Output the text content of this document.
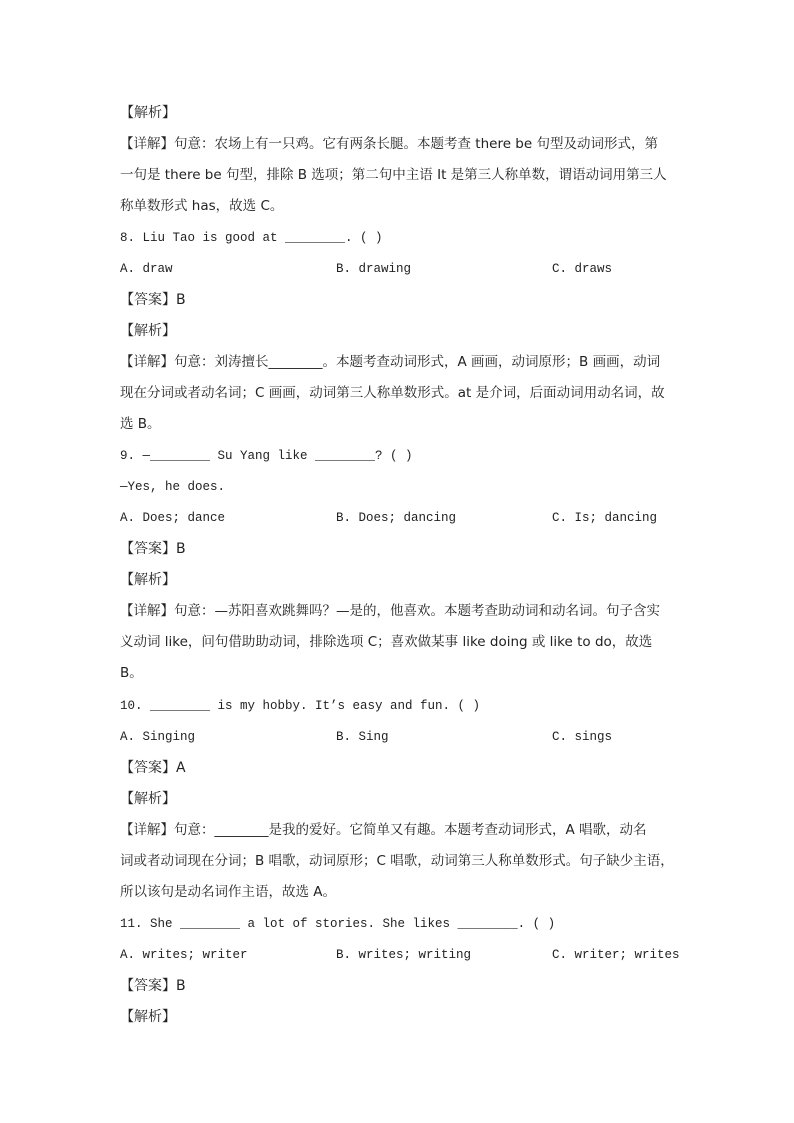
【解析】
【详解】句意：农场上有一只鸡。它有两条长腿。本题考查 there be 句型及动词形式，第
一句是 there be 句型，排除 B 选项；第二句中主语 It 是第三人称单数，谓语动词用第三人
称单数形式 has，故选 C。
8. Liu Tao is good at ________. ( )
A. draw	B. drawing	C. draws
【答案】B
【解析】
【详解】句意：刘涛擅长________。本题考查动词形式，A 画画，动词原形；B 画画，动词
现在分词或者动名词；C 画画，动词第三人称单数形式。at 是介词，后面动词用动名词，故
选 B。
9. —________ Su Yang like ________? ( )
—Yes, he does.
A. Does; dance	B. Does; dancing	C. Is; dancing
【答案】B
【解析】
【详解】句意：—苏阳喜欢跳舞吗？—是的，他喜欢。本题考查助动词和动名词。句子含实
义动词 like，问句借助助动词，排除选项 C；喜欢做某事 like doing 或 like to do，故选
B。
10. ________ is my hobby. It’s easy and fun. ( )
A. Singing	B. Sing	C. sings
【答案】A
【解析】
【详解】句意：________是我的爱好。它简单又有趣。本题考查动词形式，A 唱歌，动名
词或者动词现在分词；B 唱歌，动词原形；C 唱歌，动词第三人称单数形式。句子缺少主语，
所以该句是动名词作主语，故选 A。
11. She ________ a lot of stories. She likes ________. ( )
A. writes; writer	B. writes; writing	C. writer; writes
【答案】B
【解析】
